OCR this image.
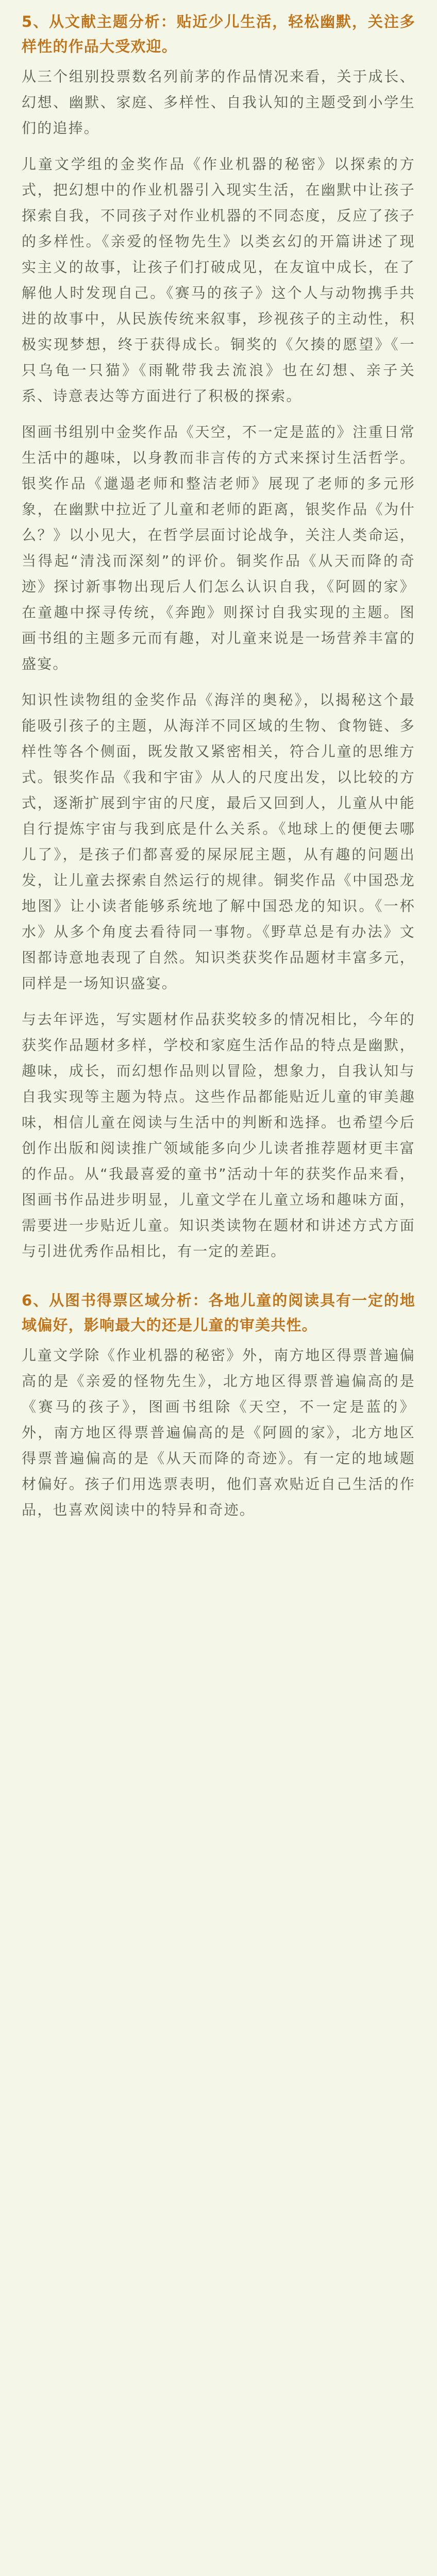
5、从文献主题分析：贴近少儿生活，轻松幽默，关注多样性的作品大受欢迎。

从三个组别投票数名列前茅的作品情况来看，关于成长、幻想、幽默、家庭、多样性、自我认知的主题受到小学生们的追捧。

儿童文学组的金奖作品《作业机器的秘密》以探索的方式，把幻想中的作业机器引入现实生活，在幽默中让孩子探索自我，不同孩子对作业机器的不同态度，反应了孩子的多样性。《亲爱的怪物先生》以类玄幻的开篇讲述了现实主义的故事，让孩子们打破成见，在友谊中成长，在了解他人时发现自己。《赛马的孩子》这个人与动物携手共进的故事中，从民族传统来叙事，珍视孩子的主动性，积极实现梦想，终于获得成长。铜奖的《欠揍的愿望》《一只乌龟一只猫》《雨靴带我去流浪》也在幻想、亲子关系、诗意表达等方面进行了积极的探索。

图画书组别中金奖作品《天空，不一定是蓝的》注重日常生活中的趣味，以身教而非言传的方式来探讨生活哲学。银奖作品《邋遢老师和整洁老师》展现了老师的多元形象，在幽默中拉近了儿童和老师的距离，银奖作品《为什么？》以小见大，在哲学层面讨论战争，关注人类命运，当得起“清浅而深刻”的评价。铜奖作品《从天而降的奇迹》探讨新事物出现后人们怎么认识自我，《阿圆的家》在童趣中探寻传统，《奔跑》则探讨自我实现的主题。图画书组的主题多元而有趣，对儿童来说是一场营养丰富的盛宴。

知识性读物组的金奖作品《海洋的奥秘》，以揭秘这个最能吸引孩子的主题，从海洋不同区域的生物、食物链、多样性等各个侧面，既发散又紧密相关，符合儿童的思维方式。银奖作品《我和宇宙》从人的尺度出发，以比较的方式，逐渐扩展到宇宙的尺度，最后又回到人，儿童从中能自行提炼宇宙与我到底是什么关系。《地球上的便便去哪儿了》，是孩子们都喜爱的屎尿屁主题，从有趣的问题出发，让儿童去探索自然运行的规律。铜奖作品《中国恐龙地图》让小读者能够系统地了解中国恐龙的知识。《一杯水》从多个角度去看待同一事物。《野草总是有办法》文图都诗意地表现了自然。知识类获奖作品题材丰富多元，同样是一场知识盛宴。

与去年评选，写实题材作品获奖较多的情况相比，今年的获奖作品题材多样，学校和家庭生活作品的特点是幽默，趣味，成长，而幻想作品则以冒险，想象力，自我认知与自我实现等主题为特点。这些作品都能贴近儿童的审美趣味，相信儿童在阅读与生活中的判断和选择。也希望今后创作出版和阅读推广领域能多向少儿读者推荐题材更丰富的作品。从“我最喜爱的童书”活动十年的获奖作品来看，图画书作品进步明显，儿童文学在儿童立场和趣味方面，需要进一步贴近儿童。知识类读物在题材和讲述方式方面与引进优秀作品相比，有一定的差距。

6、从图书得票区域分析：各地儿童的阅读具有一定的地域偏好，影响最大的还是儿童的审美共性。

儿童文学除《作业机器的秘密》外，南方地区得票普遍偏高的是《亲爱的怪物先生》，北方地区得票普遍偏高的是《赛马的孩子》，图画书组除《天空，不一定是蓝的》外，南方地区得票普遍偏高的是《阿圆的家》，北方地区得票普遍偏高的是《从天而降的奇迹》。有一定的地域题材偏好。孩子们用选票表明，他们喜欢贴近自己生活的作品，也喜欢阅读中的特异和奇迹。
